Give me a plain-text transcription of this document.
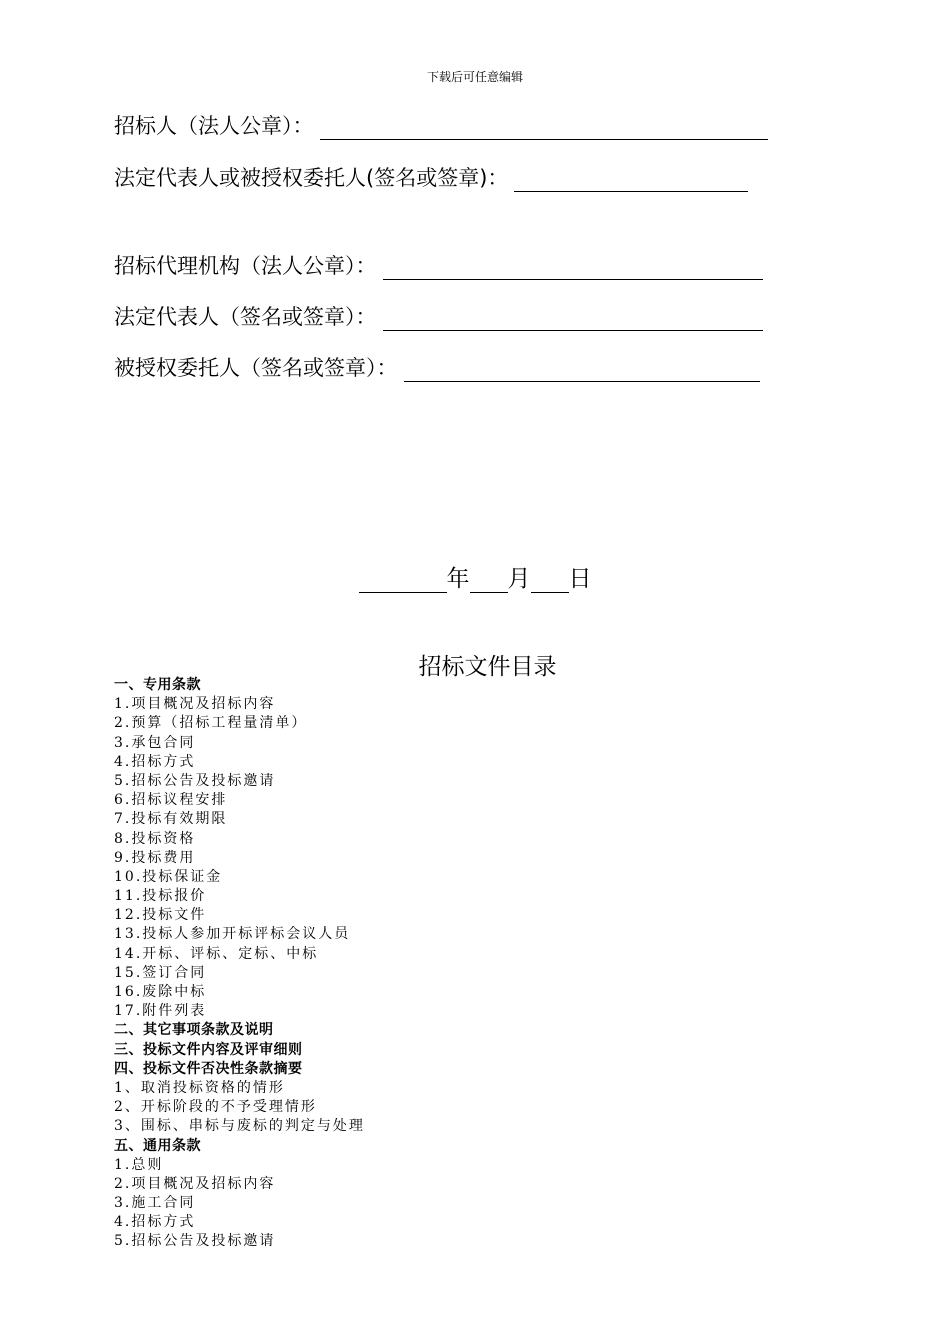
下载后可任意编辑
招标人（法人公章）：
法定代表人或被授权委托人(签名或签章)：
招标代理机构（法人公章）：
法定代表人（签名或签章）：
被授权委托人（签名或签章）：
年 月 日
招标文件目录
一、专用条款
1.项目概况及招标内容
2.预算（招标工程量清单）
3.承包合同
4.招标方式
5.招标公告及投标邀请
6.招标议程安排
7.投标有效期限
8.投标资格
9.投标费用
10.投标保证金
11.投标报价
12.投标文件
13.投标人参加开标评标会议人员
14.开标、评标、定标、中标
15.签订合同
16.废除中标
17.附件列表
二、其它事项条款及说明
三、投标文件内容及评审细则
四、投标文件否决性条款摘要
1、取消投标资格的情形
2、开标阶段的不予受理情形
3、围标、串标与废标的判定与处理
五、通用条款
1.总则
2.项目概况及招标内容
3.施工合同
4.招标方式
5.招标公告及投标邀请
